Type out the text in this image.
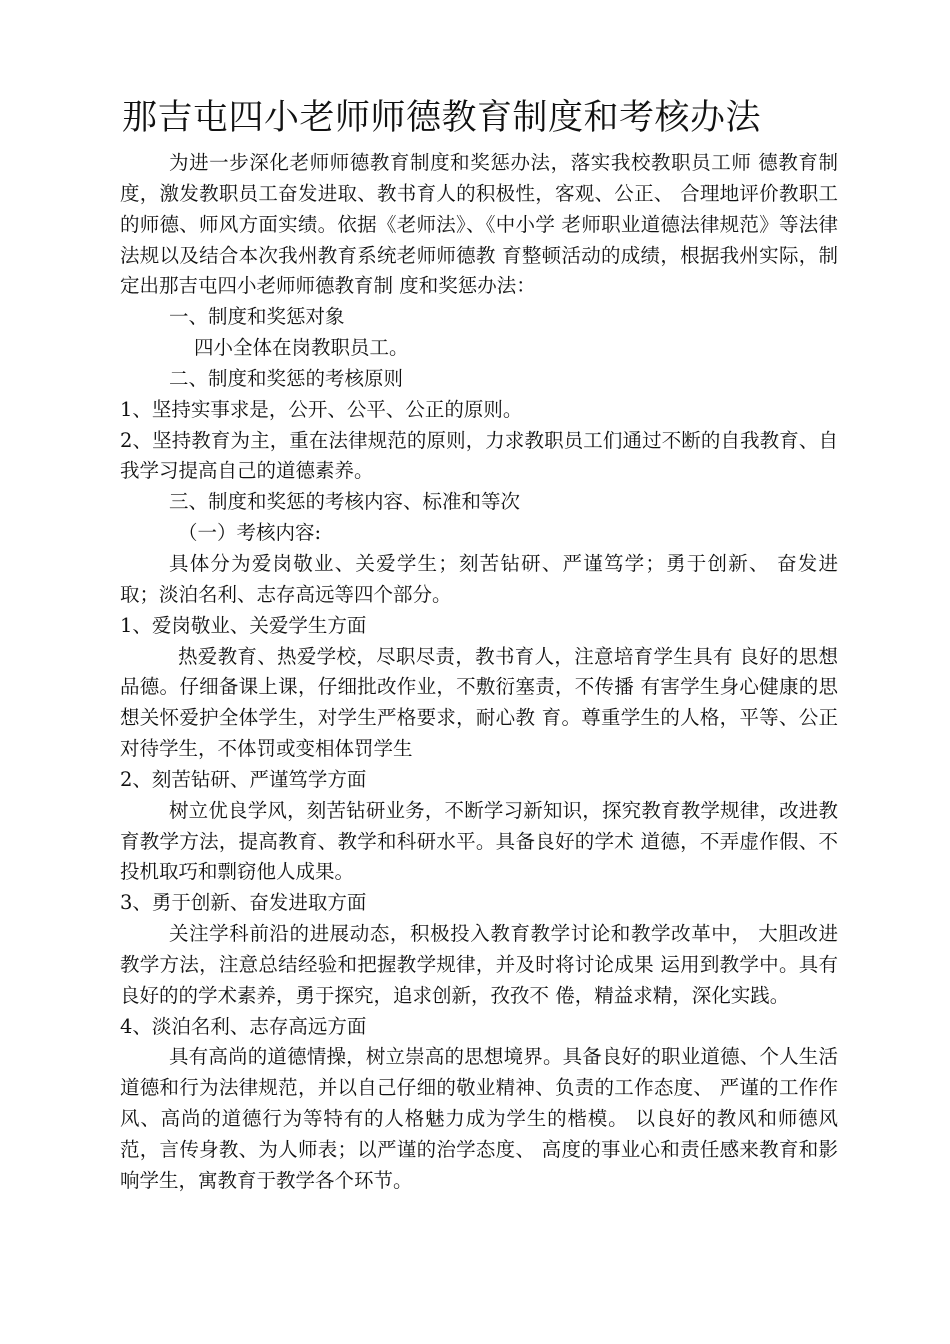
那吉屯四小老师师德教育制度和考核办法

为进一步深化老师师德教育制度和奖惩办法，落实我校教职员工师 德教育制度，激发教职员工奋发进取、教书育人的积极性，客观、公正、 合理地评价教职工的师德、师风方面实绩。依据《老师法》、《中小学 老师职业道德法律规范》等法律法规以及结合本次我州教育系统老师师德教 育整顿活动的成绩，根据我州实际，制定出那吉屯四小老师师德教育制 度和奖惩办法：

一、制度和奖惩对象

四小全体在岗教职员工。

二、制度和奖惩的考核原则

1、坚持实事求是，公开、公平、公正的原则。

2、坚持教育为主，重在法律规范的原则，力求教职员工们通过不断的自我教育、自我学习提高自己的道德素养。

三、制度和奖惩的考核内容、标准和等次

（一）考核内容:

具体分为爱岗敬业、关爱学生；刻苦钻研、严谨笃学；勇于创新、 奋发进取；淡泊名利、志存高远等四个部分。

1、爱岗敬业、关爱学生方面

热爱教育、热爱学校，尽职尽责，教书育人，注意培育学生具有 良好的思想品德。仔细备课上课，仔细批改作业，不敷衍塞责，不传播 有害学生身心健康的思想关怀爱护全体学生，对学生严格要求，耐心教 育。尊重学生的人格，平等、公正对待学生，不体罚或变相体罚学生

2、刻苦钻研、严谨笃学方面

树立优良学风，刻苦钻研业务，不断学习新知识，探究教育教学规律，改进教育教学方法，提高教育、教学和科研水平。具备良好的学术 道德，不弄虚作假、不投机取巧和剽窃他人成果。

3、勇于创新、奋发进取方面

关注学科前沿的进展动态，积极投入教育教学讨论和教学改革中， 大胆改进教学方法，注意总结经验和把握教学规律，并及时将讨论成果 运用到教学中。具有良好的的学术素养，勇于探究，追求创新，孜孜不 倦，精益求精，深化实践。

4、淡泊名利、志存高远方面

具有高尚的道德情操，树立崇高的思想境界。具备良好的职业道德、个人生活道德和行为法律规范，并以自己仔细的敬业精神、负责的工作态度、 严谨的工作作风、高尚的道德行为等特有的人格魅力成为学生的楷模。 以良好的教风和师德风范，言传身教、为人师表；以严谨的治学态度、 高度的事业心和责任感来教育和影响学生，寓教育于教学各个环节。
